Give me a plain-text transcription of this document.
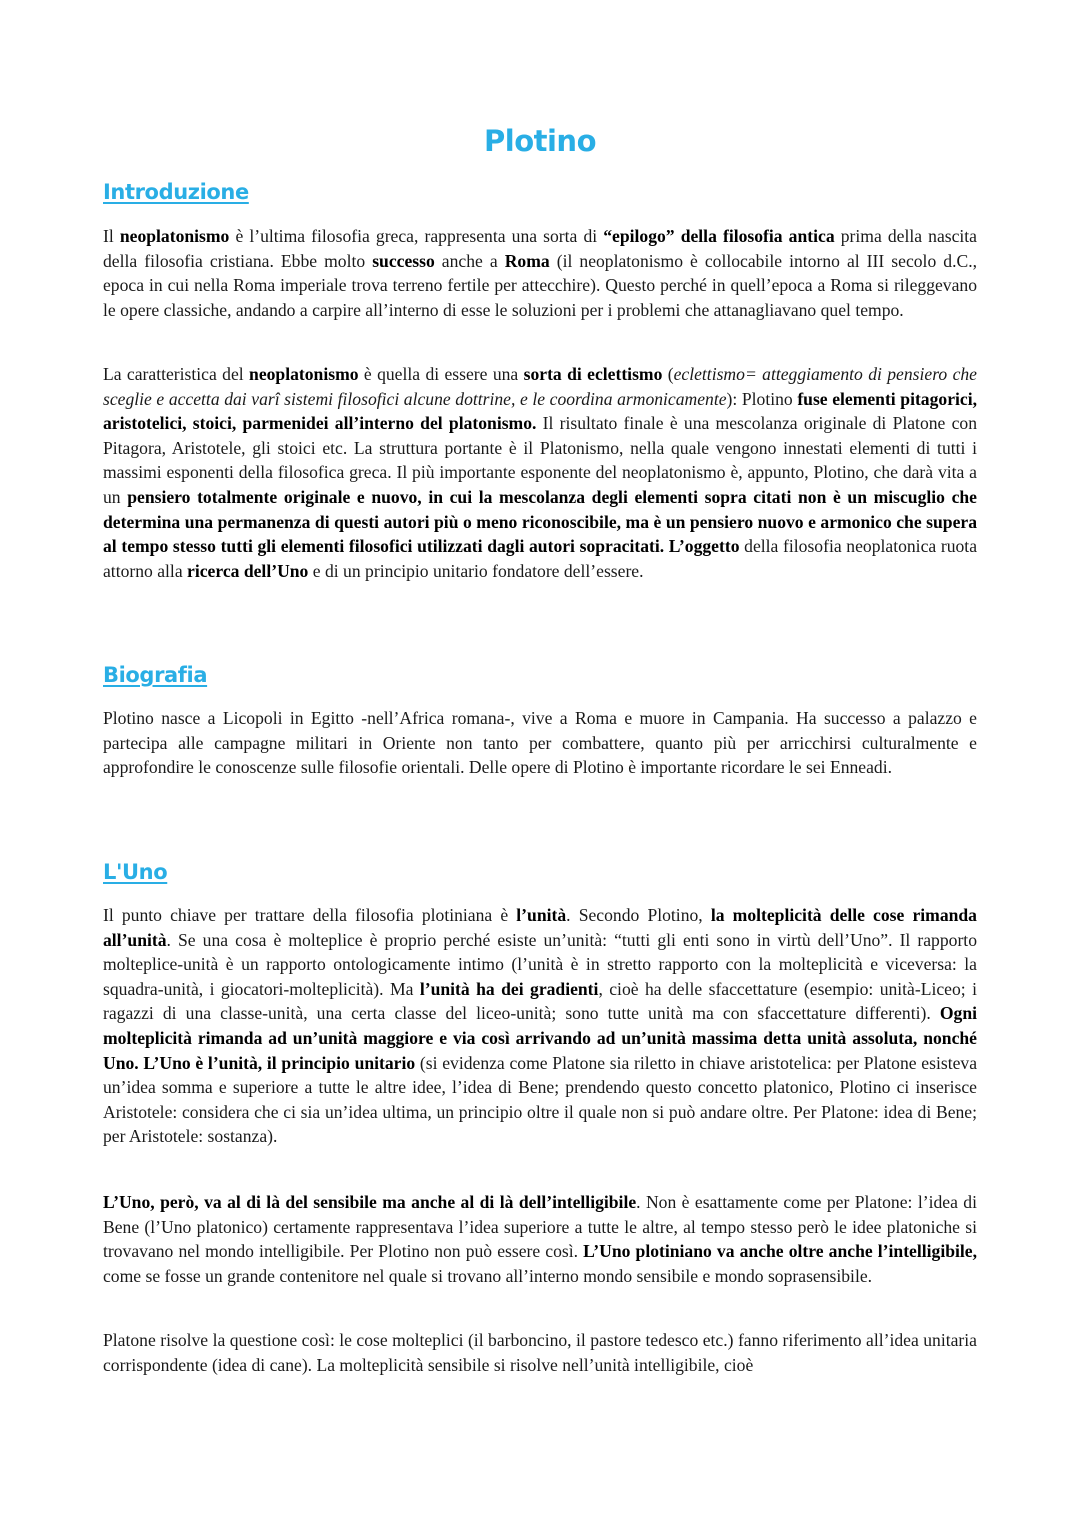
Plotino
Introduzione

Il neoplatonismo è l’ultima filosofia greca, rappresenta una sorta di “epilogo” della filosofia antica prima della nascita della filosofia cristiana. Ebbe molto successo anche a Roma (il neoplatonismo è collocabile intorno al III secolo d.C., epoca in cui nella Roma imperiale trova terreno fertile per attecchire). Questo perché in quell’epoca a Roma si rileggevano le opere classiche, andando a carpire all’interno di esse le soluzioni per i problemi che attanagliavano quel tempo.

La caratteristica del neoplatonismo è quella di essere una sorta di eclettismo (eclettismo= atteggiamento di pensiero che sceglie e accetta dai varî sistemi filosofici alcune dottrine, e le coordina armonicamente): Plotino fuse elementi pitagorici, aristotelici, stoici, parmenidei all’interno del platonismo. Il risultato finale è una mescolanza originale di Platone con Pitagora, Aristotele, gli stoici etc. La struttura portante è il Platonismo, nella quale vengono innestati elementi di tutti i massimi esponenti della filosofica greca. Il più importante esponente del neoplatonismo è, appunto, Plotino, che darà vita a un pensiero totalmente originale e nuovo, in cui la mescolanza degli elementi sopra citati non è un miscuglio che determina una permanenza di questi autori più o meno riconoscibile, ma è un pensiero nuovo e armonico che supera al tempo stesso tutti gli elementi filosofici utilizzati dagli autori sopracitati. L’oggetto della filosofia neoplatonica ruota attorno alla ricerca dell’Uno e di un principio unitario fondatore dell’essere.

Biografia

Plotino nasce a Licopoli in Egitto -nell’Africa romana-, vive a Roma e muore in Campania. Ha successo a palazzo e partecipa alle campagne militari in Oriente non tanto per combattere, quanto più per arricchirsi culturalmente e approfondire le conoscenze sulle filosofie orientali. Delle opere di Plotino è importante ricordare le sei Enneadi.

L'Uno

Il punto chiave per trattare della filosofia plotiniana è l’unità. Secondo Plotino, la molteplicità delle cose rimanda all’unità. Se una cosa è molteplice è proprio perché esiste un’unità: “tutti gli enti sono in virtù dell’Uno”. Il rapporto molteplice-unità è un rapporto ontologicamente intimo (l’unità è in stretto rapporto con la molteplicità e viceversa: la squadra-unità, i giocatori-molteplicità). Ma l’unità ha dei gradienti, cioè ha delle sfaccettature (esempio: unità-Liceo; i ragazzi di una classe-unità, una certa classe del liceo-unità; sono tutte unità ma con sfaccettature differenti). Ogni molteplicità rimanda ad un’unità maggiore e via così arrivando ad un’unità massima detta unità assoluta, nonché Uno. L’Uno è l’unità, il principio unitario (si evidenza come Platone sia riletto in chiave aristotelica: per Platone esisteva un’idea somma e superiore a tutte le altre idee, l’idea di Bene; prendendo questo concetto platonico, Plotino ci inserisce Aristotele: considera che ci sia un’idea ultima, un principio oltre il quale non si può andare oltre. Per Platone: idea di Bene; per Aristotele: sostanza).

L’Uno, però, va al di là del sensibile ma anche al di là dell’intelligibile. Non è esattamente come per Platone: l’idea di Bene (l’Uno platonico) certamente rappresentava l’idea superiore a tutte le altre, al tempo stesso però le idee platoniche si trovavano nel mondo intelligibile. Per Plotino non può essere così. L’Uno plotiniano va anche oltre anche l’intelligibile, come se fosse un grande contenitore nel quale si trovano all’interno mondo sensibile e mondo soprasensibile.

Platone risolve la questione così: le cose molteplici (il barboncino, il pastore tedesco etc.) fanno riferimento all’idea unitaria corrispondente (idea di cane). La molteplicità sensibile si risolve nell’unità intelligibile, cioè
